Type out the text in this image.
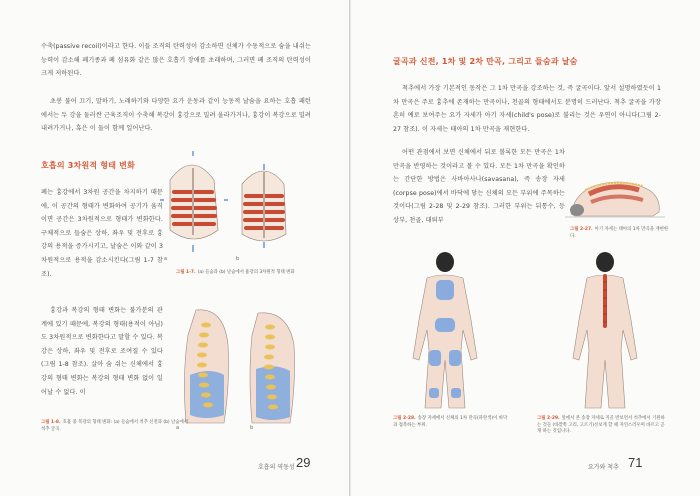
수축(passive recoil)이라고 한다. 이들 조직의 탄력성이 감소하면 신체가 수동적으로 숨을 내쉬는 능력이 감소해 폐기종과 폐 섬유화 같은 많은 호흡기 장애를 초래하며, 그러면 폐 조직의 탄력성이 크게 저하된다.

초봉 불어 끄기, 말하기, 노래하기와 다양한 요가 운동과 같이 능동적 날숨을 요하는 호흡 패턴에서는 두 강을 둘러싼 근육조직이 수축해 복강이 흉강으로 밀려 올라가거나, 흉강이 복강으로 밀려 내려가거나, 혹은 이 둘이 함께 일어난다.

호흡의 3차원적 형태 변화

폐는 흉강에서 3차원 공간을 차지하기 때문에, 이 공간의 형태가 변화하여 공기가 움직이면 공간은 3차원적으로 형태가 변화한다. 구체적으로 들숨은 상하, 좌우 및 전후로 흉강의 용적을 증가시키고, 날숨은 이와 같이 3차원적으로 용적을 감소시킨다(그림 1-7 참조).

흉강과 복강의 형태 변화는 불가분의 관계에 있기 때문에, 복강의 형태(용적이 아님)도 3차원적으로 변화한다고 말할 수 있다. 복강은 상하, 좌우 및 전후로 조여질 수 있다(그림 1-8 참조). 살아 숨 쉬는 신체에서 흉강의 형태 변화는 복강의 형태 변화 없이 일어날 수 없다. 이

a	b
그림 1-7. (a) 들숨과 (b) 날숨에서 흉강의 3차원적 형태 변화
a	b
그림 1-8. 호흡 중 복강의 형태 변화: (a) 들숨에서 척추 신전과 (b) 날숨에서 척추 굴곡.
호흡의 역동성 29
굴곡과 신전, 1차 및 2차 만곡, 그리고 들숨과 날숨

척추에서 가장 기본적인 동작은 그 1차 만곡을 강조하는 것, 즉 굴곡이다. 앞서 설명하였듯이 1차 만곡은 주로 흉추에 존재하는 만곡이나, 천골의 형태에서도 분명히 드러난다. 척추 굴곡을 가장 흔히 예로 보여주는 요가 자세가 아기 자세(child's pose)로 불리는 것은 우연이 아니다(그림 2-27 참조). 이 자세는 태아의 1차 만곡을 재현한다.

어떤 관점에서 보면 신체에서 뒤로 볼록한 모든 만곡은 1차 만곡을 반영하는 것이라고 볼 수 있다. 모든 1차 만곡을 확인하는 간단한 방법은 사바아사나(savasana), 즉 송장 자세(corpse pose)에서 바닥에 닿는 신체의 모든 부위에 주목하는 것이다(그림 2-28 및 2-29 참조). 그러한 부위는 뒤통수, 등 상부, 천골, 대퇴부

그림 2-27. 아기 자세는 태아의 1차 만곡을 재현한다.
그림 2-28. 송장 자세에서 신체의 1차 만곡(파란색)이 바닥과 접촉하는 부위.
그림 2-29. 앞에서 본 송장 자세로 지골 반보면서 척추에서 기원하는 것들 (바깥쪽 고리, 고르기)선보게 할 때 자연스러우며 바르고 곧게 하는 것입니다.
요가와 척추 71
